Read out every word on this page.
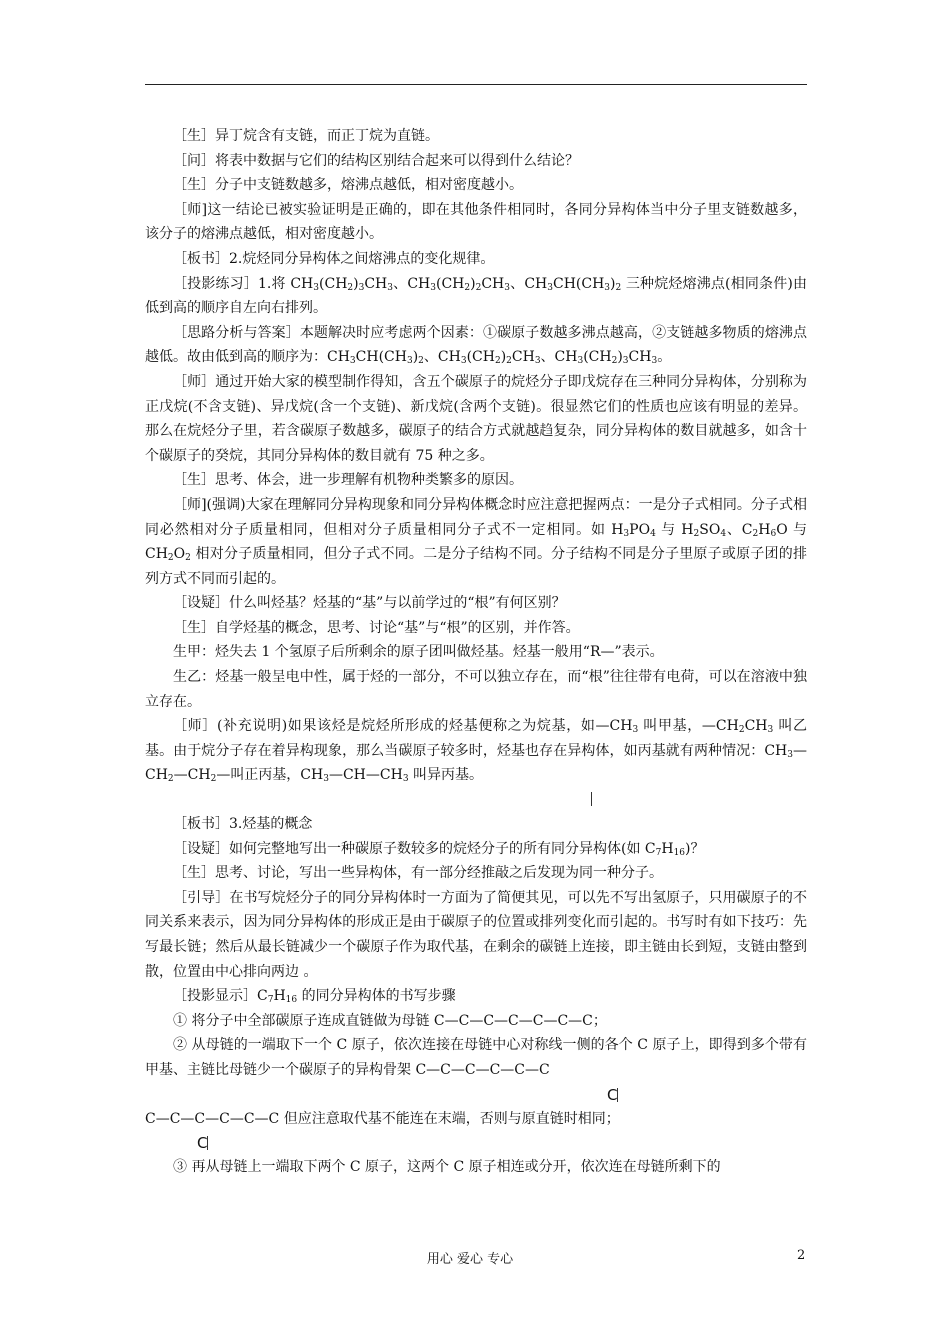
［生］异丁烷含有支链，而正丁烷为直链。

［问］将表中数据与它们的结构区别结合起来可以得到什么结论？

［生］分子中支链数越多，熔沸点越低，相对密度越小。

［师]这一结论已被实验证明是正确的，即在其他条件相同时，各同分异构体当中分子里支链数越多，该分子的熔沸点越低，相对密度越小。

［板书］2.烷烃同分异构体之间熔沸点的变化规律。

［投影练习］1.将 $CH_3(CH_2)_3CH_3$、$CH_3(CH_2)_2CH_3$、$CH_3CH(CH_3)_2$ 三种烷烃熔沸点(相同条件)由低到高的顺序自左向右排列。

［思路分析与答案］本题解决时应考虑两个因素：①碳原子数越多沸点越高，②支链越多物质的熔沸点越低。故由低到高的顺序为：$CH_3CH(CH_3)_2$、$CH_3(CH_2)_2CH_3$、$CH_3(CH_2)_3CH_3$。

［师］通过开始大家的模型制作得知，含五个碳原子的烷烃分子即戊烷存在三种同分异构体，分别称为正戊烷(不含支链)、异戊烷(含一个支链)、新戊烷(含两个支链)。很显然它们的性质也应该有明显的差异。那么在烷烃分子里，若含碳原子数越多，碳原子的结合方式就越趋复杂，同分异构体的数目就越多，如含十个碳原子的癸烷，其同分异构体的数目就有 75 种之多。

［生］思考、体会，进一步理解有机物种类繁多的原因。

［师](强调)大家在理解同分异构现象和同分异构体概念时应注意把握两点：一是分子式相同。分子式相同必然相对分子质量相同，但相对分子质量相同分子式不一定相同。如 $H_3PO_4$ 与 $H_2SO_4$、$C_2H_6O$ 与 $CH_2O_2$ 相对分子质量相同，但分子式不同。二是分子结构不同。分子结构不同是分子里原子或原子团的排列方式不同而引起的。

［设疑］什么叫烃基？烃基的“基”与以前学过的“根”有何区别？

［生］自学烃基的概念，思考、讨论“基”与“根”的区别，并作答。

生甲：烃失去 1 个氢原子后所剩余的原子团叫做烃基。烃基一般用“R—”表示。

生乙：烃基一般呈电中性，属于烃的一部分，不可以独立存在，而“根”往往带有电荷，可以在溶液中独立存在。

［师］(补充说明)如果该烃是烷烃所形成的烃基便称之为烷基，如$—CH_3$ 叫甲基，$—CH_2CH_3$ 叫乙基。由于烷分子存在着异构现象，那么当碳原子较多时，烃基也存在异构体，如丙基就有两种情况：$CH_3—CH_2—CH_2—$叫正丙基，$CH_3—CH—CH_3$ 叫异丙基。

［板书］3.烃基的概念

［设疑］如何完整地写出一种碳原子数较多的烷烃分子的所有同分异构体(如 $C_7H_{16}$)？

［生］思考、讨论，写出一些异构体，有一部分经推敲之后发现为同一种分子。

［引导］在书写烷烃分子的同分异构体时一方面为了简便其见，可以先不写出氢原子，只用碳原子的不同关系来表示，因为同分异构体的形成正是由于碳原子的位置或排列变化而引起的。书写时有如下技巧：先写最长链；然后从最长链减少一个碳原子作为取代基，在剩余的碳链上连接，即主链由长到短，支链由整到散，位置由中心排向两边 。

［投影显示$]C_7H_{16}$ 的同分异构体的书写步骤

① 将分子中全部碳原子连成直链做为母链 C—C—C—C—C—C—C；

② 从母链的一端取下一个 C 原子，依次连接在母链中心对称线一侧的各个 C 原子上，即得到多个带有甲基、主链比母链少一个碳原子的异构骨架 C—C—C—C—C—C

C

C—C—C—C—C—C 但应注意取代基不能连在末端，否则与原直链时相同；

C

③ 再从母链上一端取下两个 C 原子，这两个 C 原子相连或分开，依次连在母链所剩下的

用心 爱心 专心	2
